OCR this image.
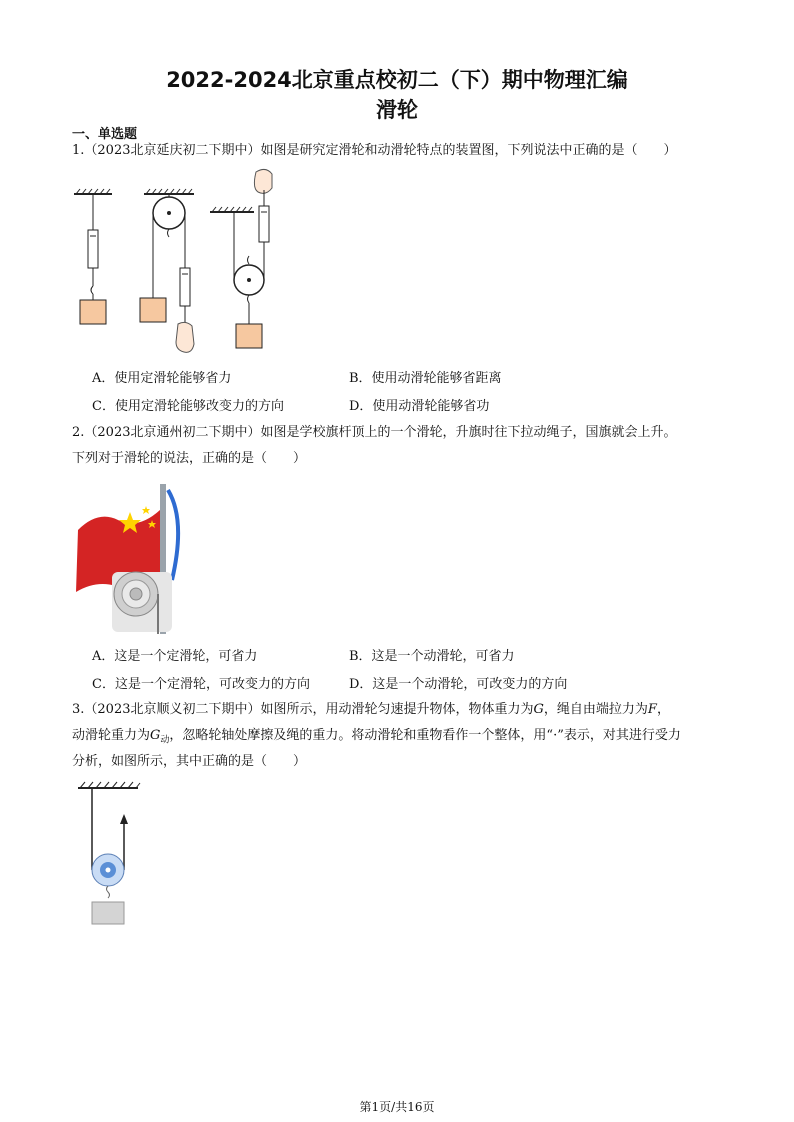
2022-2024北京重点校初二（下）期中物理汇编
滑轮
一、单选题
1.（2023北京延庆初二下期中）如图是研究定滑轮和动滑轮特点的装置图，下列说法中正确的是（　　）
A．使用定滑轮能够省力	B．使用动滑轮能够省距离
C．使用定滑轮能够改变力的方向	D．使用动滑轮能够省功
2.（2023北京通州初二下期中）如图是学校旗杆顶上的一个滑轮，升旗时往下拉动绳子，国旗就会上升。
下列对于滑轮的说法，正确的是（　　）
A．这是一个定滑轮，可省力	B．这是一个动滑轮，可省力
C．这是一个定滑轮，可改变力的方向	D．这是一个动滑轮，可改变力的方向
3.（2023北京顺义初二下期中）如图所示，用动滑轮匀速提升物体，物体重力为G，绳自由端拉力为F，
动滑轮重力为$G_动$，忽略轮轴处摩擦及绳的重力。将动滑轮和重物看作一个整体，用“·”表示，对其进行受力
分析，如图所示，其中正确的是（　　）
第1页/共16页
